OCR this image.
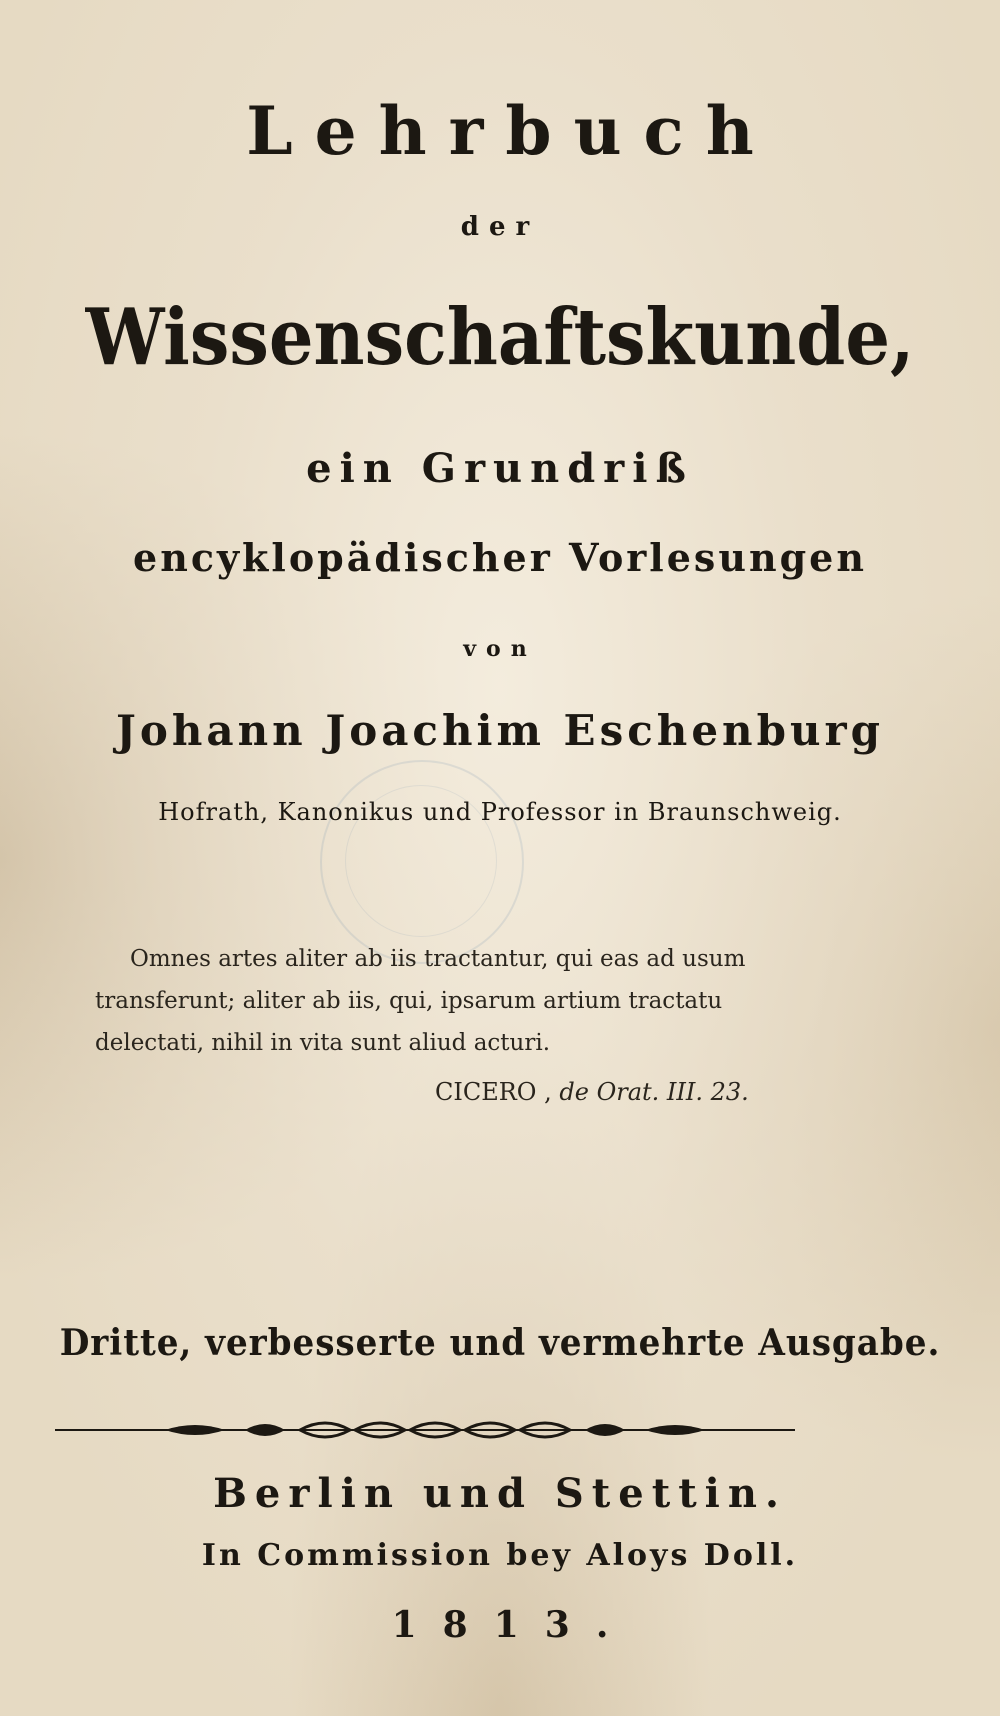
Lehrbuch
der
Wissenschaftskunde,
ein Grundriß
encyklopädischer Vorlesungen
von
Johann Joachim Eschenburg
Hofrath, Kanonikus und Professor in Braunschweig.
Omnes artes aliter ab iis tractantur, qui eas ad usum
transferunt; aliter ab iis, qui, ipsarum artium tractatu
delectati, nihil in vita sunt aliud acturi.
CICERO , de Orat. III. 23.
Dritte, verbesserte und vermehrte Ausgabe.
Berlin und Stettin.
In Commission bey Aloys Doll.
1813.
